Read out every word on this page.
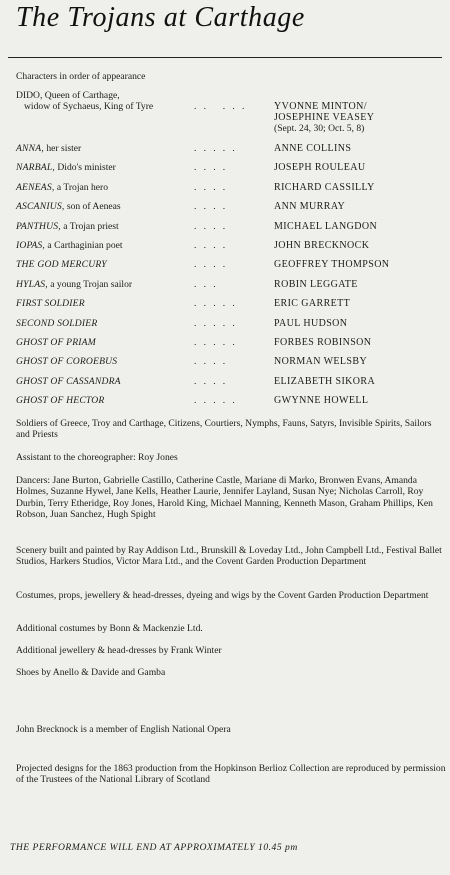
The Trojans at Carthage
Characters in order of appearance
DIDO, Queen of Carthage,
widow of Sychaeus, King of Tyre	.   .       .   .   .	YVONNE MINTON/
JOSEPHINE VEASEY
(Sept. 24, 30; Oct. 5, 8)
ANNA, her sister	.   .   .   .   .	ANNE COLLINS
NARBAL, Dido's minister	.   .   .   .	JOSEPH ROULEAU
AENEAS, a Trojan hero	.   .   .   .	RICHARD CASSILLY
ASCANIUS, son of Aeneas	.   .   .   .	ANN MURRAY
PANTHUS, a Trojan priest	.   .   .   .	MICHAEL LANGDON
IOPAS, a Carthaginian poet	.   .   .   .	JOHN BRECKNOCK
THE GOD MERCURY	.   .   .   .	GEOFFREY THOMPSON
HYLAS, a young Trojan sailor	.   .   .	ROBIN LEGGATE
FIRST SOLDIER	.   .   .   .   .	ERIC GARRETT
SECOND SOLDIER	.   .   .   .   .	PAUL HUDSON
GHOST OF PRIAM	.   .   .   .   .	FORBES ROBINSON
GHOST OF COROEBUS	.   .   .   .	NORMAN WELSBY
GHOST OF CASSANDRA	.   .   .   .	ELIZABETH SIKORA
GHOST OF HECTOR	.   .   .   .   .	GWYNNE HOWELL
Soldiers of Greece, Troy and Carthage, Citizens, Courtiers, Nymphs, Fauns, Satyrs, Invisible Spirits, Sailors and Priests
Assistant to the choreographer: Roy Jones
Dancers: Jane Burton, Gabrielle Castillo, Catherine Castle, Mariane di Marko, Bronwen Evans, Amanda Holmes, Suzanne Hywel, Jane Kells, Heather Laurie, Jennifer Layland, Susan Nye; Nicholas Carroll, Roy Durbin, Terry Etheridge, Roy Jones, Harold King, Michael Manning, Kenneth Mason, Graham Phillips, Ken Robson, Juan Sanchez, Hugh Spight
Scenery built and painted by Ray Addison Ltd., Brunskill & Loveday Ltd., John Campbell Ltd., Festival Ballet Studios, Harkers Studios, Victor Mara Ltd., and the Covent Garden Production Department
Costumes, props, jewellery & head-dresses, dyeing and wigs by the Covent Garden Production Department
Additional costumes by Bonn & Mackenzie Ltd.
Additional jewellery & head-dresses by Frank Winter
Shoes by Anello & Davide and Gamba
John Brecknock is a member of English National Opera
Projected designs for the 1863 production from the Hopkinson Berlioz Collection are reproduced by permission of the Trustees of the National Library of Scotland
THE PERFORMANCE WILL END AT APPROXIMATELY 10.45 pm
